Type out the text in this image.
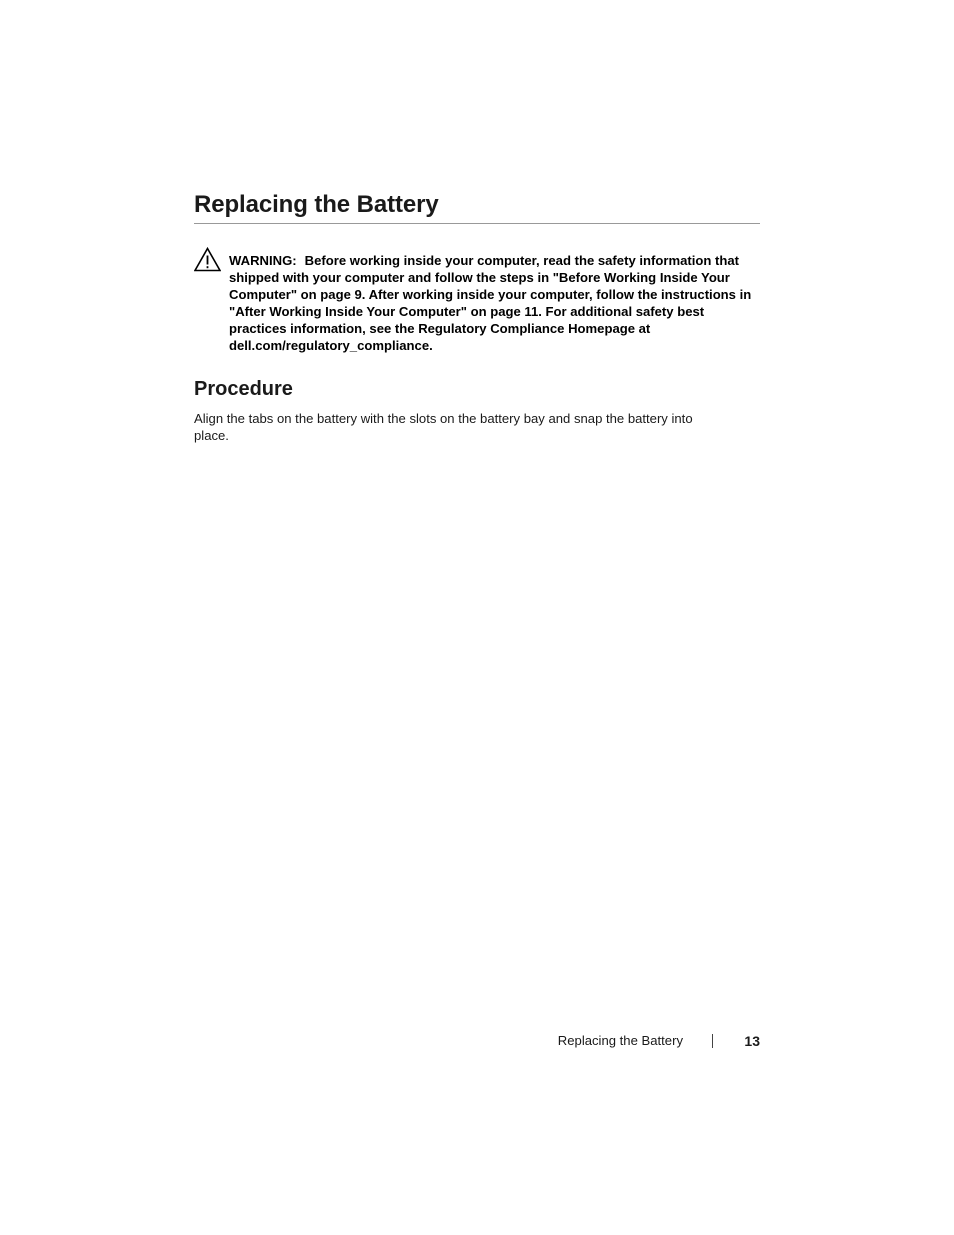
Replacing the Battery
WARNING: Before working inside your computer, read the safety information that shipped with your computer and follow the steps in "Before Working Inside Your Computer" on page 9. After working inside your computer, follow the instructions in "After Working Inside Your Computer" on page 11. For additional safety best practices information, see the Regulatory Compliance Homepage at dell.com/regulatory_compliance.
Procedure

Align the tabs on the battery with the slots on the battery bay and snap the battery into place.

Replacing the Battery	13
